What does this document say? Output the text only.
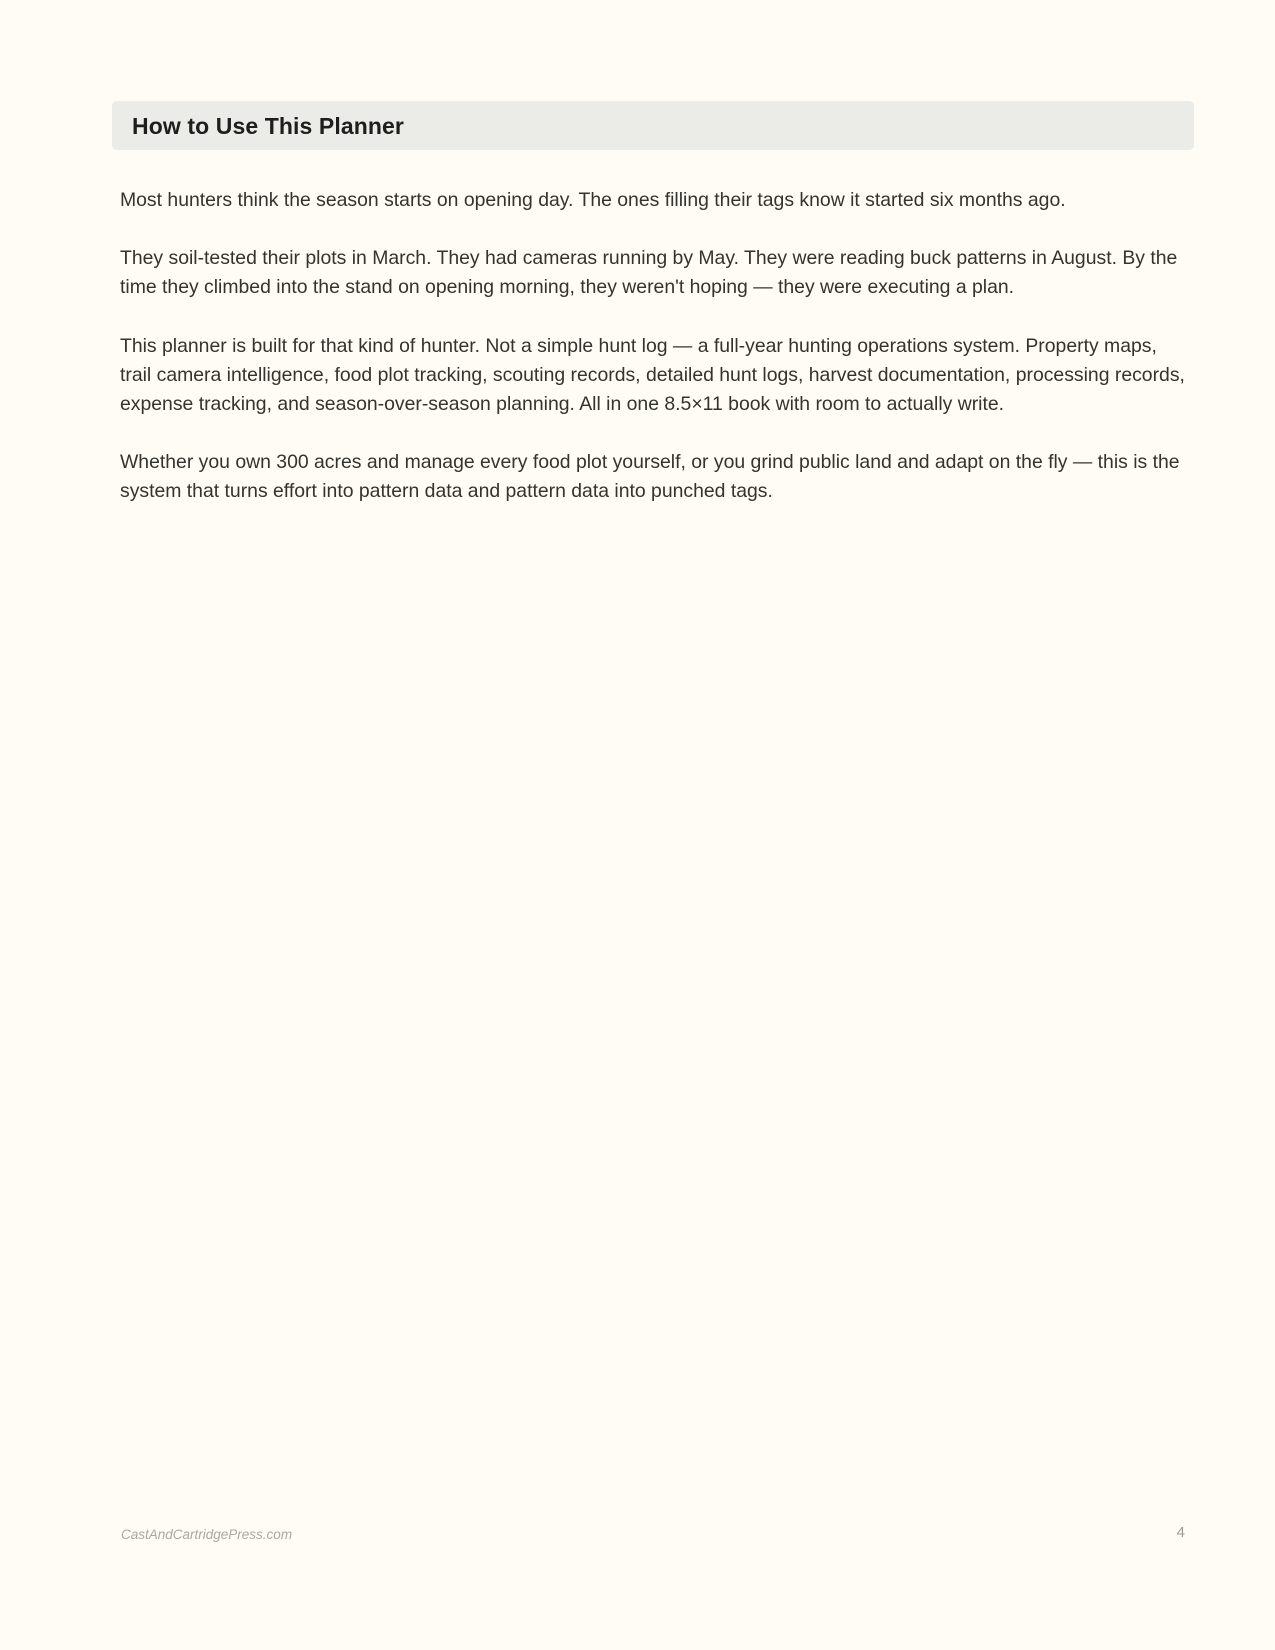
How to Use This Planner

Most hunters think the season starts on opening day. The ones filling their tags know it started six months ago.

They soil-tested their plots in March. They had cameras running by May. They were reading buck patterns in August. By the time they climbed into the stand on opening morning, they weren't hoping — they were executing a plan.

This planner is built for that kind of hunter. Not a simple hunt log — a full-year hunting operations system. Property maps, trail camera intelligence, food plot tracking, scouting records, detailed hunt logs, harvest documentation, processing records, expense tracking, and season-over-season planning. All in one 8.5×11 book with room to actually write.

Whether you own 300 acres and manage every food plot yourself, or you grind public land and adapt on the fly — this is the system that turns effort into pattern data and pattern data into punched tags.

CastAndCartridgePress.com	4
